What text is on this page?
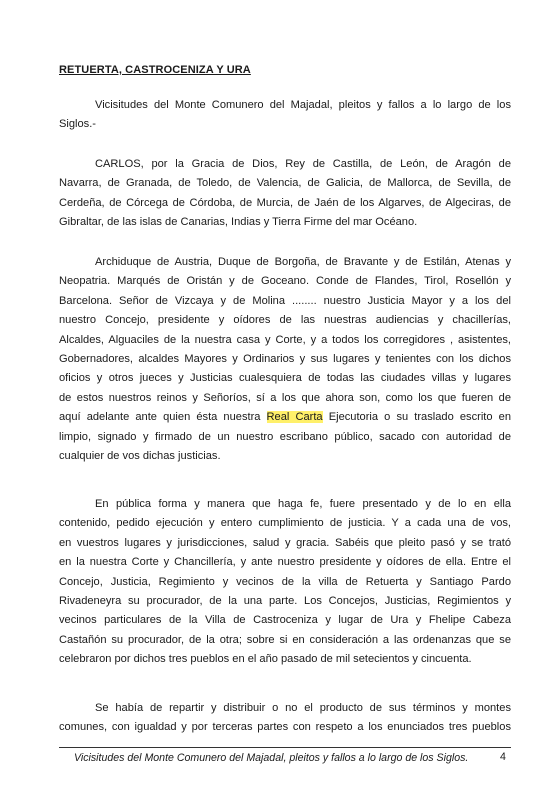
RETUERTA, CASTROCENIZA Y URA
Vicisitudes del Monte Comunero del Majadal, pleitos y fallos a lo largo de los
Siglos.-
CARLOS, por la Gracia de Dios, Rey de Castilla, de León, de Aragón de
Navarra, de Granada, de Toledo, de Valencia, de Galicia, de Mallorca, de Sevilla, de
Cerdeña, de Córcega de Córdoba, de Murcia, de Jaén de los Algarves, de Algeciras, de
Gibraltar, de las islas de Canarias, Indias y Tierra Firme del mar Océano.
Archiduque de Austria, Duque de Borgoña, de Bravante y de Estilán, Atenas y
Neopatria. Marqués de Oristán y de Goceano. Conde de Flandes, Tirol, Rosellón y
Barcelona. Señor de Vizcaya y de Molina ........ nuestro Justicia Mayor y a los del
nuestro Concejo, presidente y oídores de las nuestras audiencias y chacillerías,
Alcaldes, Alguaciles de la nuestra casa y Corte, y a todos los corregidores , asistentes,
Gobernadores, alcaldes Mayores y Ordinarios y sus lugares y tenientes con los dichos
oficios y otros jueces y Justicias cualesquiera de todas las ciudades villas y lugares
de estos nuestros reinos y Señoríos, sí a los que ahora son, como los que fueren de
aquí adelante ante quien ésta nuestra Real Carta Ejecutoria o su traslado escrito en
limpio, signado y firmado de un nuestro escribano público, sacado con autoridad de
cualquier de vos dichas justicias.
En pública forma y manera que haga fe, fuere presentado y de lo en ella
contenido, pedido ejecución y entero cumplimiento de justicia. Y a cada una de vos,
en vuestros lugares y jurisdicciones, salud y gracia. Sabéis que pleito pasó y se trató
en la nuestra Corte y Chancillería, y ante nuestro presidente y oídores de ella. Entre el
Concejo, Justicia, Regimiento y vecinos de la villa de Retuerta y Santiago Pardo
Rivadeneyra su procurador, de la una parte. Los Concejos, Justicias, Regimientos y
vecinos particulares de la Villa de Castroceniza y lugar de Ura y Fhelipe Cabeza
Castañón su procurador, de la otra; sobre si en consideración a las ordenanzas que se
celebraron por dichos tres pueblos en el año pasado de mil setecientos y cincuenta.
Se había de repartir y distribuir o no el producto de sus términos y montes
comunes, con igualdad y por terceras partes con respeto a los enunciados tres pueblos
Vicisitudes del Monte Comunero del Majadal, pleitos y fallos a lo largo de los Siglos.	4
